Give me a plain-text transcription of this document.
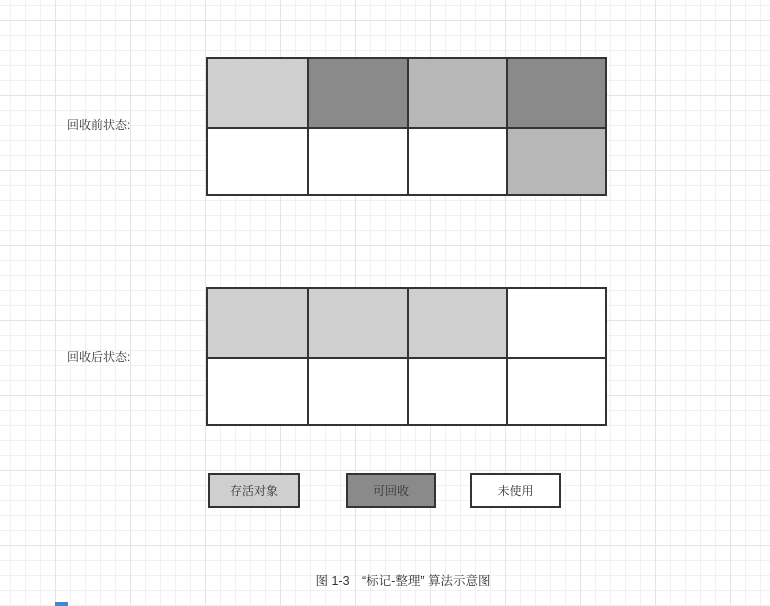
回收前状态:
回收后状态:
存活对象	可回收	未使用
图 1-3　“标记-整理” 算法示意图
